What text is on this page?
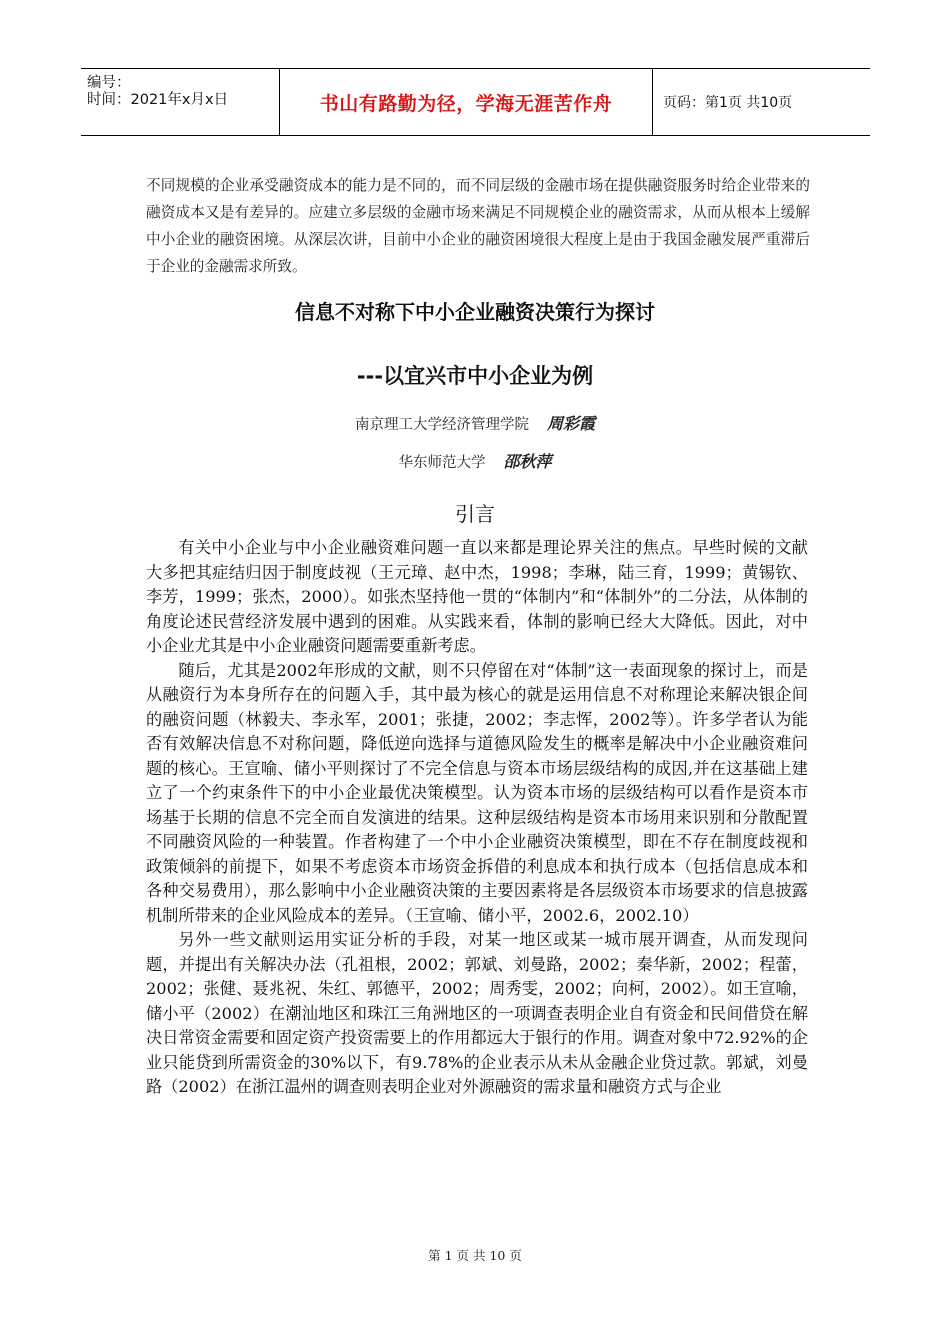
编号：
时间：2021年x月x日	书山有路勤为径，学海无涯苦作舟	页码：第1页 共10页
不同规模的企业承受融资成本的能力是不同的，而不同层级的金融市场在提供融资服务时给企业带来的融资成本又是有差异的。应建立多层级的金融市场来满足不同规模企业的融资需求，从而从根本上缓解中小企业的融资困境。从深层次讲，目前中小企业的融资困境很大程度上是由于我国金融发展严重滞后于企业的金融需求所致。
信息不对称下中小企业融资决策行为探讨
---以宜兴市中小企业为例
南京理工大学经济管理学院 周彩霞
华东师范大学 邵秋萍
引言

有关中小企业与中小企业融资难问题一直以来都是理论界关注的焦点。早些时候的文献大多把其症结归因于制度歧视（王元璋、赵中杰，1998；李琳，陆三育，1999；黄锡钦、李芳，1999；张杰，2000）。如张杰坚持他一贯的“体制内”和“体制外”的二分法，从体制的角度论述民营经济发展中遇到的困难。从实践来看，体制的影响已经大大降低。因此，对中小企业尤其是中小企业融资问题需要重新考虑。

随后，尤其是2002年形成的文献，则不只停留在对“体制”这一表面现象的探讨上，而是从融资行为本身所存在的问题入手，其中最为核心的就是运用信息不对称理论来解决银企间的融资问题（林毅夫、李永军，2001；张捷，2002；李志恽，2002等）。许多学者认为能否有效解决信息不对称问题，降低逆向选择与道德风险发生的概率是解决中小企业融资难问题的核心。王宣喻、储小平则探讨了不完全信息与资本市场层级结构的成因,并在这基础上建立了一个约束条件下的中小企业最优决策模型。认为资本市场的层级结构可以看作是资本市场基于长期的信息不完全而自发演进的结果。这种层级结构是资本市场用来识别和分散配置不同融资风险的一种装置。作者构建了一个中小企业融资决策模型，即在不存在制度歧视和政策倾斜的前提下，如果不考虑资本市场资金拆借的利息成本和执行成本（包括信息成本和各种交易费用），那么影响中小企业融资决策的主要因素将是各层级资本市场要求的信息披露机制所带来的企业风险成本的差异。（王宣喻、储小平，2002.6，2002.10）

另外一些文献则运用实证分析的手段，对某一地区或某一城市展开调查，从而发现问题，并提出有关解决办法（孔祖根，2002；郭斌、刘曼路，2002；秦华新，2002；程蕾，2002；张健、聂兆祝、朱红、郭德平，2002；周秀雯，2002；向柯，2002）。如王宣喻，储小平（2002）在潮汕地区和珠江三角洲地区的一项调查表明企业自有资金和民间借贷在解决日常资金需要和固定资产投资需要上的作用都远大于银行的作用。调查对象中72.92%的企业只能贷到所需资金的30%以下，有9.78%的企业表示从未从金融企业贷过款。郭斌，刘曼路（2002）在浙江温州的调查则表明企业对外源融资的需求量和融资方式与企业

第 1 页 共 10 页
